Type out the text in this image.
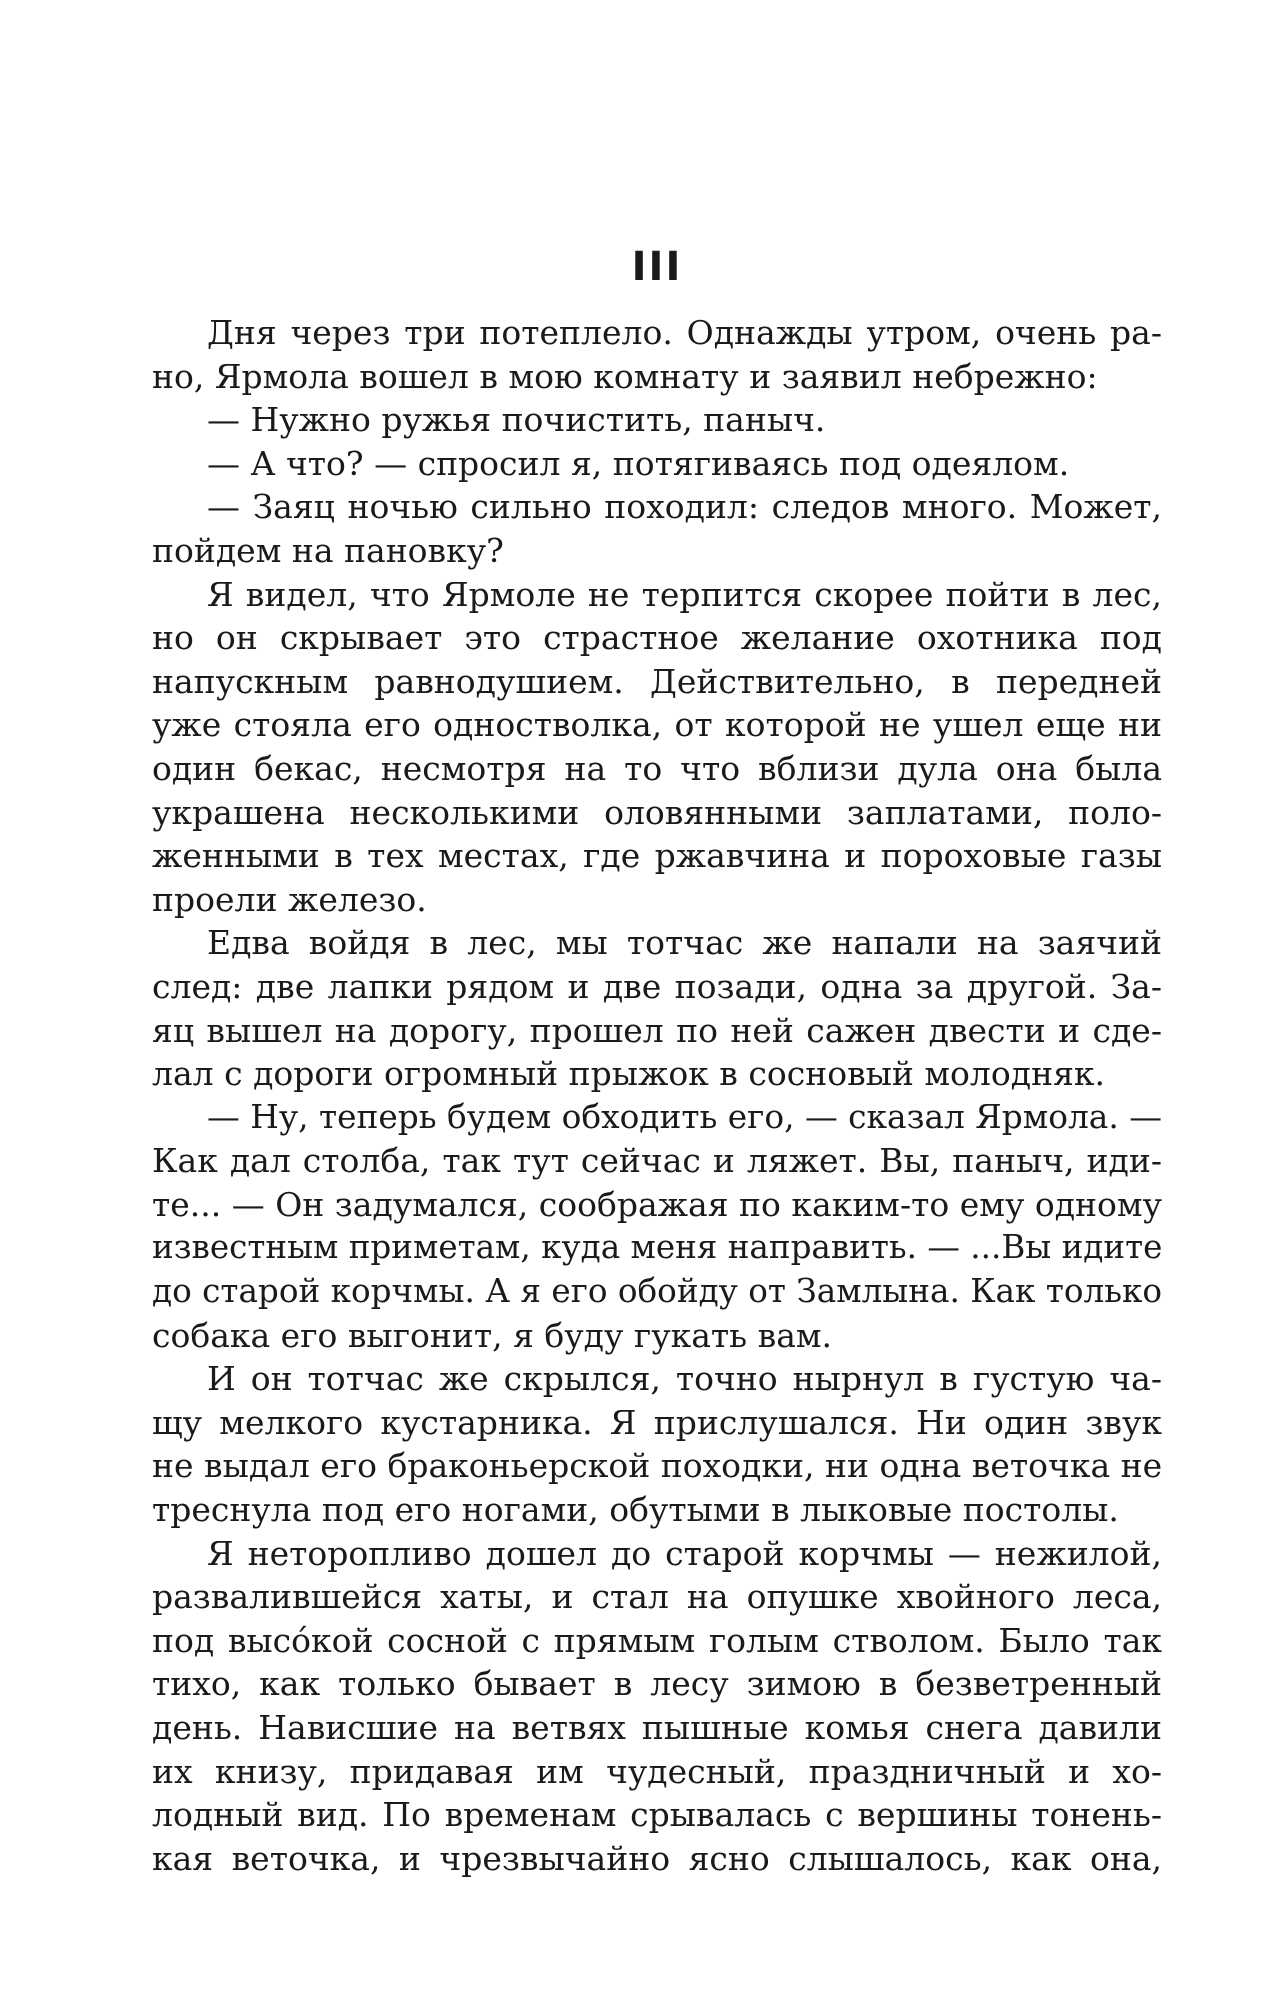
III
Дня через три потеплело. Однажды утром, очень ра-
но, Ярмола вошел в мою комнату и заявил небрежно:
— Нужно ружья почистить, паныч.
— А что? — спросил я, потягиваясь под одеялом.
— Заяц ночью сильно походил: следов много. Может,
пойдем на пановку?
Я видел, что Ярмоле не терпится скорее пойти в лес,
но он скрывает это страстное желание охотника под
напускным равнодушием. Действительно, в передней
уже стояла его одностволка, от которой не ушел еще ни
один бекас, несмотря на то что вблизи дула она была
украшена несколькими оловянными заплатами, поло-
женными в тех местах, где ржавчина и пороховые газы
проели железо.
Едва войдя в лес, мы тотчас же напали на заячий
след: две лапки рядом и две позади, одна за другой. За-
яц вышел на дорогу, прошел по ней сажен двести и сде-
лал с дороги огромный прыжок в сосновый молодняк.
— Ну, теперь будем обходить его, — сказал Ярмола. —
Как дал столба, так тут сейчас и ляжет. Вы, паныч, иди-
те... — Он задумался, соображая по каким-то ему одному
известным приметам, куда меня направить. — ...Вы идите
до старой корчмы. А я его обойду от Замлына. Как только
собака его выгонит, я буду гукать вам.
И он тотчас же скрылся, точно нырнул в густую ча-
щу мелкого кустарника. Я прислушался. Ни один звук
не выдал его браконьерской походки, ни одна веточка не
треснула под его ногами, обутыми в лыковые постолы.
Я неторопливо дошел до старой корчмы — нежилой,
развалившейся хаты, и стал на опушке хвойного леса,
под высóкой сосной с прямым голым стволом. Было так
тихо, как только бывает в лесу зимою в безветренный
день. Нависшие на ветвях пышные комья снега давили
их книзу, придавая им чудесный, праздничный и хо-
лодный вид. По временам срывалась с вершины тонень-
кая веточка, и чрезвычайно ясно слышалось, как она,
